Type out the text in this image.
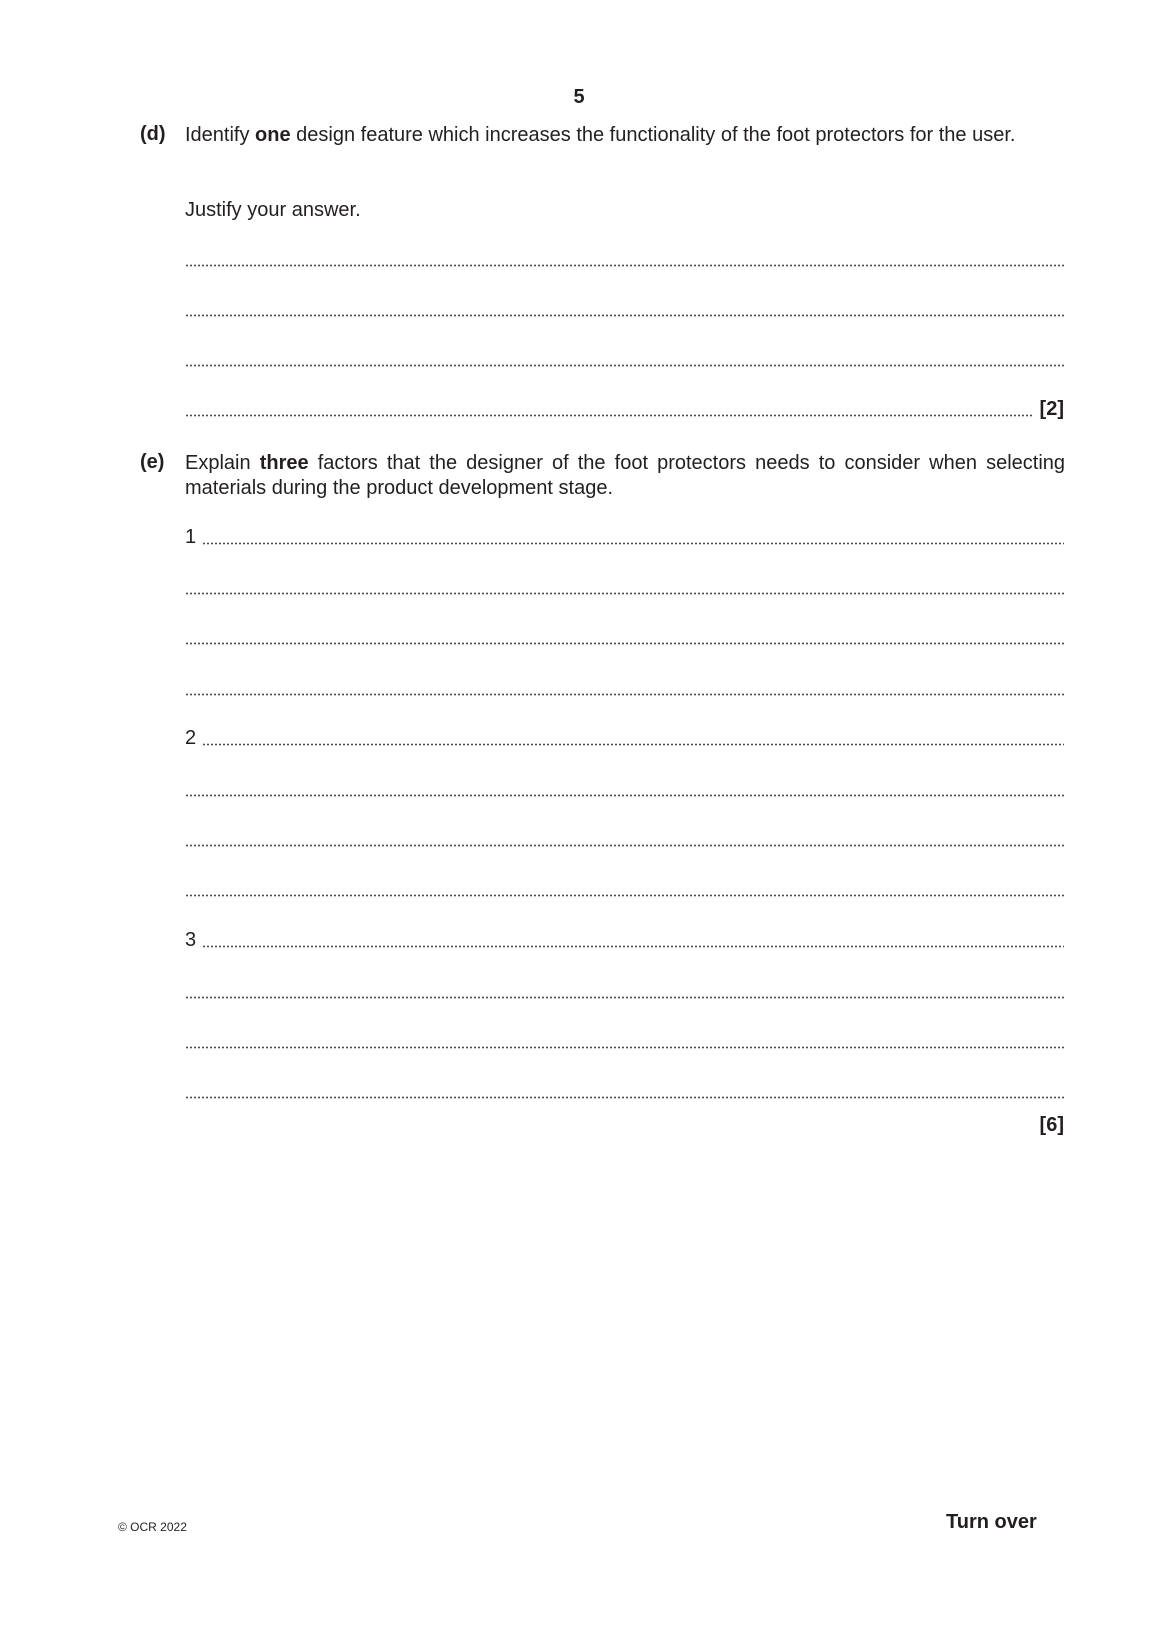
5
(d) Identify one design feature which increases the functionality of the foot protectors for the user.
Justify your answer.
[2]
(e) Explain three factors that the designer of the foot protectors needs to consider when selecting materials during the product development stage.
1
2
3
[6]
© OCR 2022	Turn over
